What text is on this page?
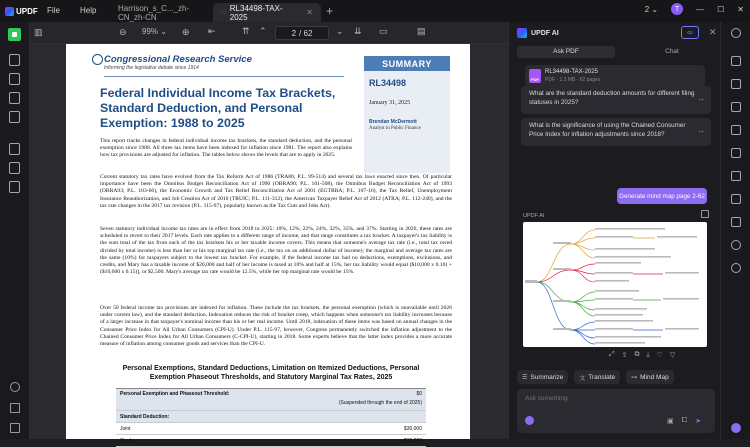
UPDF File	Help	Harrison_s_C..._zh-CN_zh-CN	◌ RL34498-TAX-2025	✕ +	2 ⌄	T	— ☐ ✕
▥	⊖ 99% ⌄ ⊕ ⇤	⇈ ⌃	2 / 62	⌄ ⇊ ▭	▤
Congressional Research Service
Informing the legislative debate since 1914	SUMMARY
RL34498
January 31, 2025
Brendan McDermott
Analyst in Public Finance
Federal Individual Income Tax Brackets, Standard Deduction, and Personal Exemption: 1988 to 2025
This report tracks changes in federal individual income tax brackets, the standard deduction, and the personal exemption since 1988. All three tax items have been indexed for inflation since 1981. The report also explains how tax provisions are adjusted for inflation. The tables below shows the levels that are to apply in 2025.
Current statutory tax rates have evolved from the Tax Reform Act of 1986 (TRA86; P.L. 99-514) and several tax laws enacted since then. Of particular importance have been the Omnibus Budget Reconciliation Act of 1990 (OBRA90; P.L. 101-508), the Omnibus Budget Reconciliation Act of 1993 (OBRA93; P.L. 103-66), the Economic Growth and Tax Relief Reconciliation Act of 2001 (EGTRRA; P.L. 107-16), the Tax Relief, Unemployment Insurance Reauthorization, and Job Creation Act of 2010 (TRUIC; P.L. 111-312), the American Taxpayer Relief Act of 2012 (ATRA; P.L. 112-240), and the tax rate changes in the 2017 tax revision (P.L. 115-97), popularly known as the Tax Cuts and Jobs Act).
Seven statutory individual income tax rates are in effect from 2018 to 2025: 10%, 12%, 22%, 24%, 32%, 35%, and 37%. Starting in 2026, these rates are scheduled to revert to their 2017 levels. Each rate applies to a different range of income, and that range constitutes a tax bracket. A taxpayer's tax liability is the sum total of the tax from each of the tax brackets his or her taxable income covers. This means that someone's average tax rate (i.e., total tax owed divided by total income) is less than her or his top marginal tax rate (i.e., the tax on an additional dollar of income); the marginal and average tax rates are the same (10%) for taxpayers subject to the lowest tax bracket. For example, if the federal income tax had no deductions, exemptions, exclusions, and credits, and Mary has a taxable income of $20,000 and half of her income is taxed at 10% and half at 15%, her tax liability would equal ($10,000 x 0.10) + ($10,000 x 0.15)], or $2,500. Mary's average tax rate would be 12.5%, while her top marginal rate would be 15%.
Over 50 federal income tax provisions are indexed for inflation. These include the tax brackets, the personal exemption (which is unavailable until 2026 under current law), and the standard deduction. Indexation reduces the risk of bracket creep, which happens when someone's tax liability increases because of a larger increase in that taxpayer's nominal income than his or her real income. Until 2018, indexation of these items was based on annual changes in the Consumer Price Index for All Urban Consumers (CPI-U). Under P.L. 115-97, however, Congress permanently switched the inflation adjustment to the Chained Consumer Price Index for All Urban Consumers (C-CPI-U), starting in 2018. Some experts believe that the latter index provides a more accurate measure of inflation among consumer goods and services than the CPI-U.
Personal Exemptions, Standard Deductions, Limitation on Itemized Deductions, Personal Exemption Phaseout Thresholds, and Statutory Marginal Tax Rates, 2025
Personal Exemption and Phaseout Threshold:	$0
(Suspended through the end of 2025)
Standard Deduction:
Joint	$30,000
Single	$15,000
UPDF AI	∞	✕
Ask PDF	Chat
PDF
RL34498-TAX-2025
PDF · 1.2 MB · 62 pages
What are the standard deduction amounts for different filing statuses in 2025?	→
What is the significance of using the Chained Consumer Price Index for inflation adjustments since 2018?	→
Generate mind map page 2-62
UPDF AI
⤢ ⇪ ⧉ ⤓ ♡ ▽
☰ Summarize	文 Translate	⊶ Mind Map
Ask something
▣ ⧠ ➤
